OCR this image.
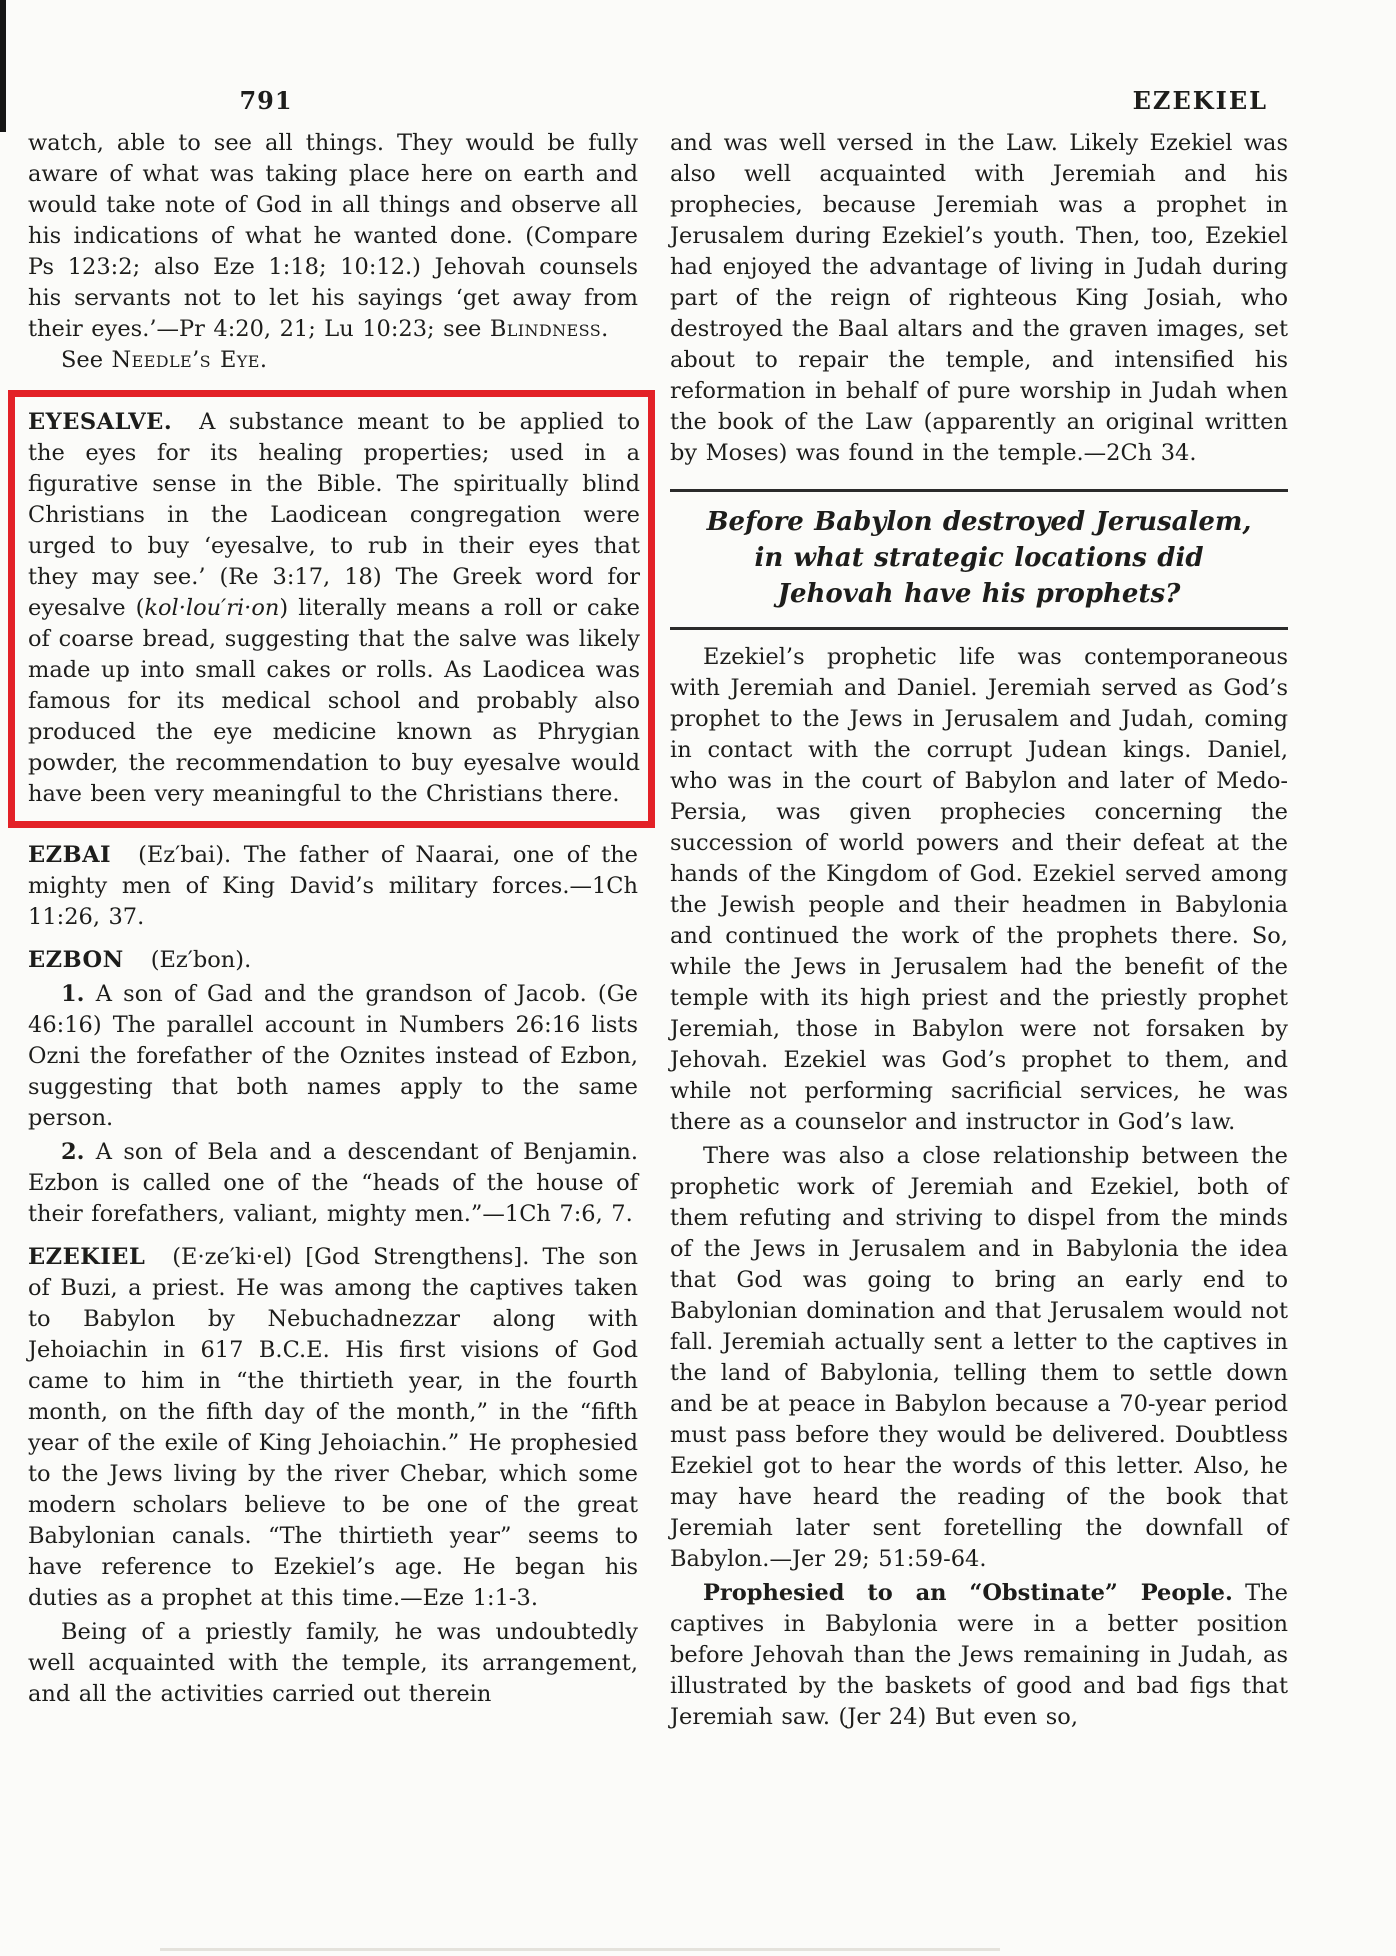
791	EZEKIEL

watch, able to see all things. They would be fully aware of what was taking place here on earth and would take note of God in all things and observe all his indications of what he wanted done. (Compare Ps 123:2; also Eze 1:18; 10:12.) Jehovah counsels his servants not to let his sayings ‘get away from their eyes.’—Pr 4:20, 21; Lu 10:23; see Blindness.

See Needle’s Eye.

EYESALVE. A substance meant to be applied to the eyes for its healing properties; used in a figurative sense in the Bible. The spiritually blind Christians in the Laodicean congregation were urged to buy ‘eyesalve, to rub in their eyes that they may see.’ (Re 3:17, 18) The Greek word for eyesalve (kol·lou′ri·on) literally means a roll or cake of coarse bread, suggesting that the salve was likely made up into small cakes or rolls. As Laodicea was famous for its medical school and probably also produced the eye medicine known as Phrygian powder, the recommendation to buy eyesalve would have been very meaningful to the Christians there.

EZBAI (Ez′bai). The father of Naarai, one of the mighty men of King David’s military forces.—1Ch 11:26, 37.

EZBON (Ez′bon).

1. A son of Gad and the grandson of Jacob. (Ge 46:16) The parallel account in Numbers 26:16 lists Ozni the forefather of the Oznites instead of Ezbon, suggesting that both names apply to the same person.

2. A son of Bela and a descendant of Benjamin. Ezbon is called one of the “heads of the house of their forefathers, valiant, mighty men.”—1Ch 7:6, 7.

EZEKIEL (E·ze′ki·el) [God Strengthens]. The son of Buzi, a priest. He was among the captives taken to Babylon by Nebuchadnezzar along with Jehoiachin in 617 B.C.E. His first visions of God came to him in “the thirtieth year, in the fourth month, on the fifth day of the month,” in the “fifth year of the exile of King Jehoiachin.” He prophesied to the Jews living by the river Chebar, which some modern scholars believe to be one of the great Babylonian canals. “The thirtieth year” seems to have reference to Ezekiel’s age. He began his duties as a prophet at this time.—Eze 1:1-3.

Being of a priestly family, he was undoubtedly well acquainted with the temple, its arrangement, and all the activities carried out therein

and was well versed in the Law. Likely Ezekiel was also well acquainted with Jeremiah and his prophecies, because Jeremiah was a prophet in Jerusalem during Ezekiel’s youth. Then, too, Ezekiel had enjoyed the advantage of living in Judah during part of the reign of righteous King Josiah, who destroyed the Baal altars and the graven images, set about to repair the temple, and intensified his reformation in behalf of pure worship in Judah when the book of the Law (apparently an original written by Moses) was found in the temple.—2Ch 34.

Before Babylon destroyed Jerusalem,
in what strategic locations did
Jehovah have his prophets?

Ezekiel’s prophetic life was contemporaneous with Jeremiah and Daniel. Jeremiah served as God’s prophet to the Jews in Jerusalem and Judah, coming in contact with the corrupt Judean kings. Daniel, who was in the court of Babylon and later of Medo-Persia, was given prophecies concerning the succession of world powers and their defeat at the hands of the Kingdom of God. Ezekiel served among the Jewish people and their headmen in Babylonia and continued the work of the prophets there. So, while the Jews in Jerusalem had the benefit of the temple with its high priest and the priestly prophet Jeremiah, those in Babylon were not forsaken by Jehovah. Ezekiel was God’s prophet to them, and while not performing sacrificial services, he was there as a counselor and instructor in God’s law.

There was also a close relationship between the prophetic work of Jeremiah and Ezekiel, both of them refuting and striving to dispel from the minds of the Jews in Jerusalem and in Babylonia the idea that God was going to bring an early end to Babylonian domination and that Jerusalem would not fall. Jeremiah actually sent a letter to the captives in the land of Babylonia, telling them to settle down and be at peace in Babylon because a 70-year period must pass before they would be delivered. Doubtless Ezekiel got to hear the words of this letter. Also, he may have heard the reading of the book that Jeremiah later sent foretelling the downfall of Babylon.—Jer 29; 51:59-64.

Prophesied to an “Obstinate” People. The captives in Babylonia were in a better position before Jehovah than the Jews remaining in Judah, as illustrated by the baskets of good and bad figs that Jeremiah saw. (Jer 24) But even so,
